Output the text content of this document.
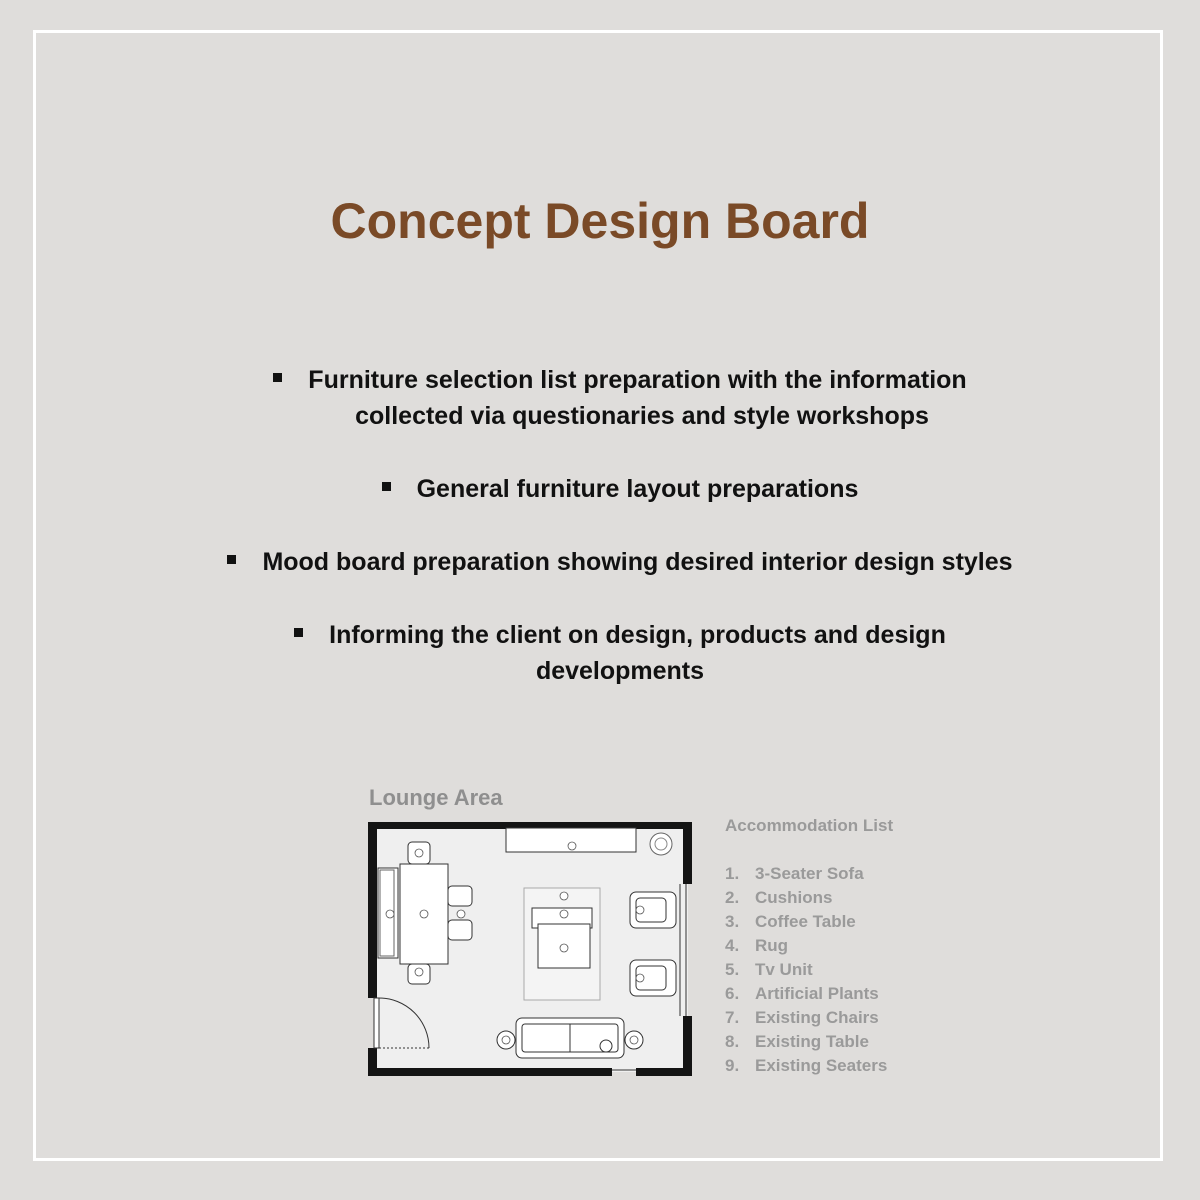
Concept Design Board
Furniture selection list preparation with the information
collected via questionaries and style workshops
General furniture layout preparations
Mood board preparation showing desired interior design styles
Informing the client on design, products and design
developments
Lounge Area
Accommodation List
1. 3-Seater Sofa
2. Cushions
3. Coffee Table
4. Rug
5. Tv Unit
6. Artificial Plants
7. Existing Chairs
8. Existing Table
9. Existing Seaters
